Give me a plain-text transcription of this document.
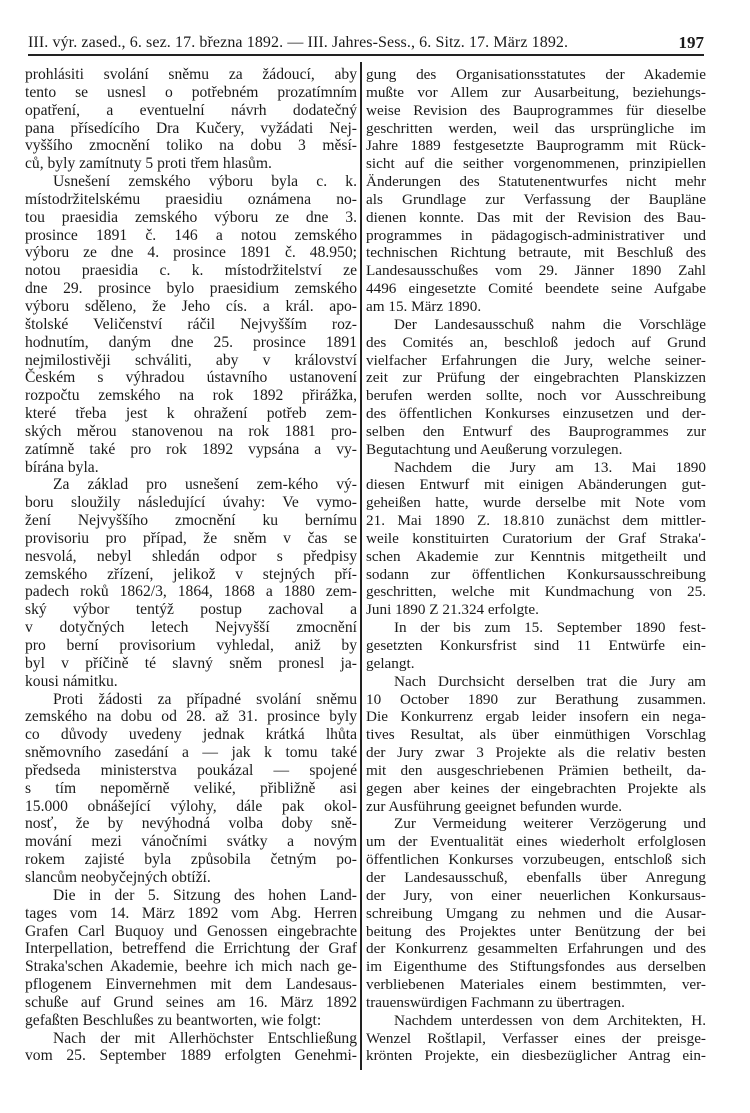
III. výr. zased., 6. sez. 17. března 1892. — III. Jahres-Sess., 6. Sitz. 17. März 1892.	197
prohlásiti svolání sněmu za žádoucí, aby
tento se usnesl o potřebném prozatímním
opatření, a eventuelní návrh dodatečný
pana přísedícího Dra Kučery, vyžádati Nej-
vyššího zmocnění toliko na dobu 3 měsí-
ců, byly zamítnuty 5 proti třem hlasům.
Usnešení zemského výboru byla c. k.
místodržitelskému praesidiu oznámena no-
tou praesidia zemského výboru ze dne 3.
prosince 1891 č. 146 a notou zemského
výboru ze dne 4. prosince 1891 č. 48.950;
notou praesidia c. k. místodržitelství ze
dne 29. prosince bylo praesidium zemského
výboru sděleno, že Jeho cís. a král. apo-
štolské Veličenství ráčil Nejvyšším roz-
hodnutím, daným dne 25. prosince 1891
nejmilostivěji schváliti, aby v království
Českém s výhradou ústavního ustanovení
rozpočtu zemského na rok 1892 přirážka,
které třeba jest k ohražení potřeb zem-
ských měrou stanovenou na rok 1881 pro-
zatímně také pro rok 1892 vypsána a vy-
bírána byla.
Za základ pro usnešení zem-kého vý-
boru sloužily následující úvahy: Ve vymo-
žení Nejvyššího zmocnění ku bernímu
provisoriu pro případ, že sněm v čas se
nesvolá, nebyl shledán odpor s předpisy
zemského zřízení, jelikož v stejných pří-
padech roků 1862/3, 1864, 1868 a 1880 zem-
ský výbor tentýž postup zachoval a
v dotyčných letech Nejvyšší zmocnění
pro berní provisorium vyhledal, aniž by
byl v příčině té slavný sněm pronesl ja-
kousi námitku.
Proti žádosti za případné svolání sněmu
zemského na dobu od 28. až 31. prosince byly
co důvody uvedeny jednak krátká lhůta
sněmovního zasedání a — jak k tomu také
předseda ministerstva poukázal — spojené
s tím nepoměrně veliké, přibližně asi
15.000 obnášející výlohy, dále pak okol-
nosť, že by nevýhodná volba doby sně-
mování mezi vánočními svátky a novým
rokem zajisté byla způsobila četným po-
slancům neobyčejných obtíží.
Die in der 5. Sitzung des hohen Land-
tages vom 14. März 1892 vom Abg. Herren
Grafen Carl Buquoy und Genossen eingebrachte
Interpellation, betreffend die Errichtung der Graf
Straka'schen Akademie, beehre ich mich nach ge-
pflogenem Einvernehmen mit dem Landesaus-
schuße auf Grund seines am 16. März 1892
gefaßten Beschlußes zu beantworten, wie folgt:
Nach der mit Allerhöchster Entschließung
vom 25. September 1889 erfolgten Genehmi-
gung des Organisationsstatutes der Akademie
mußte vor Allem zur Ausarbeitung, beziehungs-
weise Revision des Bauprogrammes für dieselbe
geschritten werden, weil das ursprüngliche im
Jahre 1889 festgesetzte Bauprogramm mit Rück-
sicht auf die seither vorgenommenen, prinzipiellen
Änderungen des Statutenentwurfes nicht mehr
als Grundlage zur Verfassung der Baupläne
dienen konnte. Das mit der Revision des Bau-
programmes in pädagogisch-administrativer und
technischen Richtung betraute, mit Beschluß des
Landesausschußes vom 29. Jänner 1890 Zahl
4496 eingesetzte Comité beendete seine Aufgabe
am 15. März 1890.
Der Landesausschuß nahm die Vorschläge
des Comités an, beschloß jedoch auf Grund
vielfacher Erfahrungen die Jury, welche seiner-
zeit zur Prüfung der eingebrachten Planskizzen
berufen werden sollte, noch vor Ausschreibung
des öffentlichen Konkurses einzusetzen und der-
selben den Entwurf des Bauprogrammes zur
Begutachtung und Aeußerung vorzulegen.
Nachdem die Jury am 13. Mai 1890
diesen Entwurf mit einigen Abänderungen gut-
geheißen hatte, wurde derselbe mit Note vom
21. Mai 1890 Z. 18.810 zunächst dem mittler-
weile konstituirten Curatorium der Graf Straka'-
schen Akademie zur Kenntnis mitgetheilt und
sodann zur öffentlichen Konkursausschreibung
geschritten, welche mit Kundmachung von 25.
Juni 1890 Z 21.324 erfolgte.
In der bis zum 15. September 1890 fest-
gesetzten Konkursfrist sind 11 Entwürfe ein-
gelangt.
Nach Durchsicht derselben trat die Jury am
10 October 1890 zur Berathung zusammen.
Die Konkurrenz ergab leider insofern ein nega-
tives Resultat, als über einmüthigen Vorschlag
der Jury zwar 3 Projekte als die relativ besten
mit den ausgeschriebenen Prämien betheilt, da-
gegen aber keines der eingebrachten Projekte als
zur Ausführung geeignet befunden wurde.
Zur Vermeidung weiterer Verzögerung und
um der Eventualität eines wiederholt erfolglosen
öffentlichen Konkurses vorzubeugen, entschloß sich
der Landesausschuß, ebenfalls über Anregung
der Jury, von einer neuerlichen Konkursaus-
schreibung Umgang zu nehmen und die Ausar-
beitung des Projektes unter Benützung der bei
der Konkurrenz gesammelten Erfahrungen und des
im Eigenthume des Stiftungsfondes aus derselben
verbliebenen Materiales einem bestimmten, ver-
trauenswürdigen Fachmann zu übertragen.
Nachdem unterdessen von dem Architekten, H.
Wenzel Roštlapil, Verfasser eines der preisge-
krönten Projekte, ein diesbezüglicher Antrag ein-
